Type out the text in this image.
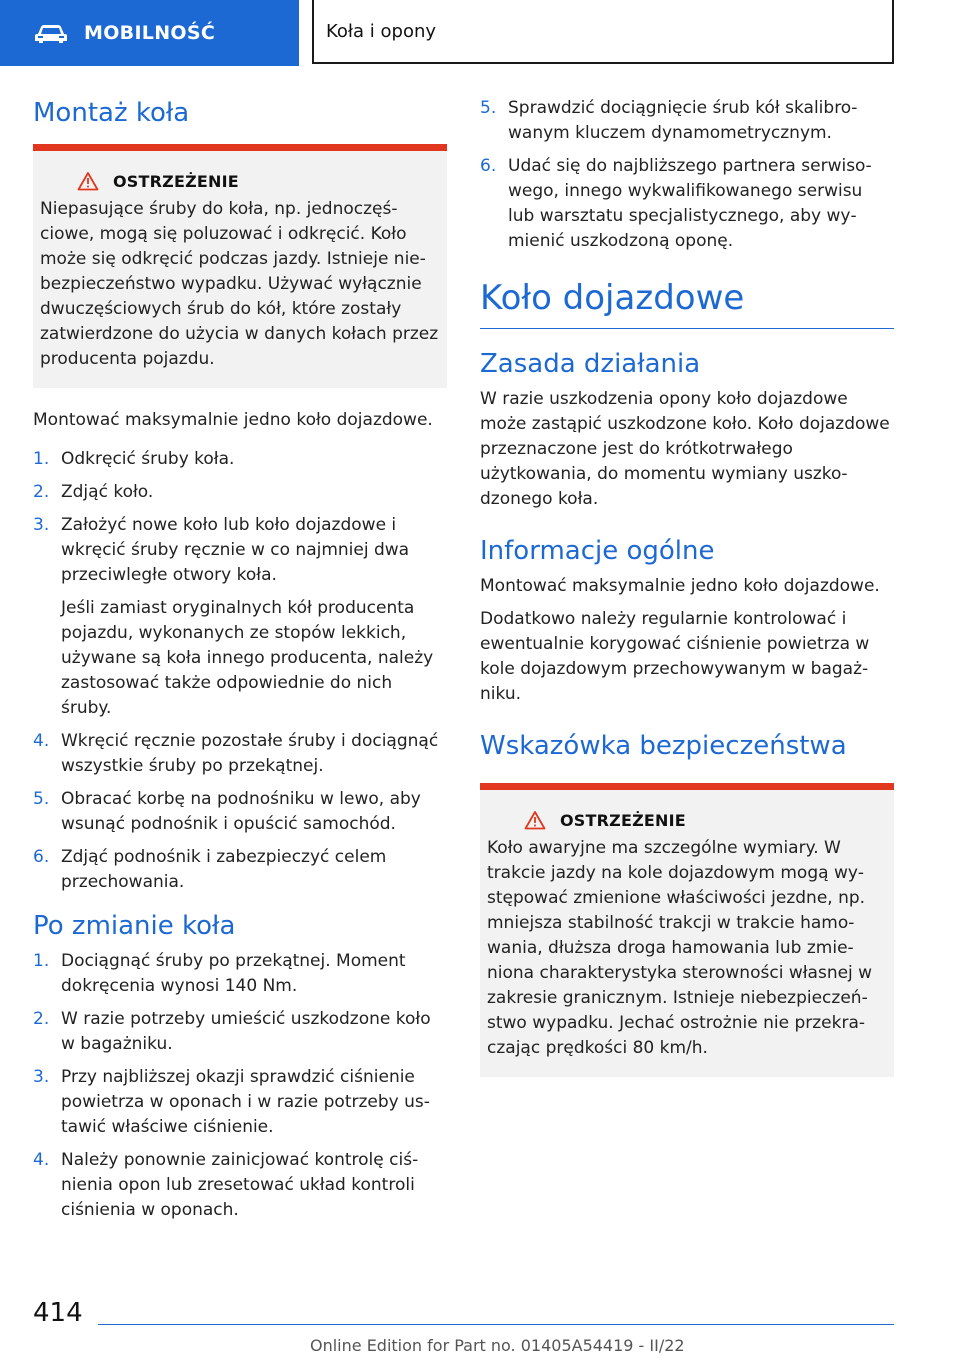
MOBILNOŚĆ	Koła i opony
Montaż koła
OSTRZEŻENIE

Niepasujące śruby do koła, np. jednoczęściowe, mogą się poluzować i odkręcić. Koło może się odkręcić podczas jazdy. Istnieje niebezpieczeństwo wypadku. Używać wyłącznie dwuczęściowych śrub do kół, które zostały zatwierdzone do użycia w danych kołach przez producenta pojazdu.

Montować maksymalnie jedno koło dojazdowe.

1. Odkręcić śruby koła.
2. Zdjąć koło.
3. Założyć nowe koło lub koło dojazdowe i wkręcić śruby ręcznie w co najmniej dwa przeciwległe otwory koła.
Jeśli zamiast oryginalnych kół producenta pojazdu, wykonanych ze stopów lekkich, używane są koła innego producenta, należy zastosować także odpowiednie do nich śruby.
4. Wkręcić ręcznie pozostałe śruby i dociągnąć wszystkie śruby po przekątnej.
5. Obracać korbę na podnośniku w lewo, aby wsunąć podnośnik i opuścić samochód.
6. Zdjąć podnośnik i zabezpieczyć celem przechowania.
Po zmianie koła
1. Dociągnąć śruby po przekątnej. Moment dokręcenia wynosi 140 Nm.
2. W razie potrzeby umieścić uszkodzone koło w bagażniku.
3. Przy najbliższej okazji sprawdzić ciśnienie powietrza w oponach i w razie potrzeby ustawić właściwe ciśnienie.
4. Należy ponownie zainicjować kontrolę ciśnienia opon lub zresetować układ kontroli ciśnienia w oponach.
5. Sprawdzić dociągnięcie śrub kół skalibrowanym kluczem dynamometrycznym.
6. Udać się do najbliższego partnera serwisowego, innego wykwalifikowanego serwisu lub warsztatu specjalistycznego, aby wymienić uszkodzoną oponę.
Koło dojazdowe
Zasada działania

W razie uszkodzenia opony koło dojazdowe może zastąpić uszkodzone koło. Koło dojazdowe przeznaczone jest do krótkotrwałego użytkowania, do momentu wymiany uszkodzonego koła.

Informacje ogólne

Montować maksymalnie jedno koło dojazdowe.

Dodatkowo należy regularnie kontrolować i ewentualnie korygować ciśnienie powietrza w kole dojazdowym przechowywanym w bagażniku.

Wskazówka bezpieczeństwa
OSTRZEŻENIE

Koło awaryjne ma szczególne wymiary. W trakcie jazdy na kole dojazdowym mogą występować zmienione właściwości jezdne, np. mniejsza stabilność trakcji w trakcie hamowania, dłuższa droga hamowania lub zmieniona charakterystyka sterowności własnej w zakresie granicznym. Istnieje niebezpieczeństwo wypadku. Jechać ostrożnie nie przekraczając prędkości 80 km/h.

414
Online Edition for Part no. 01405A54419 - II/22
